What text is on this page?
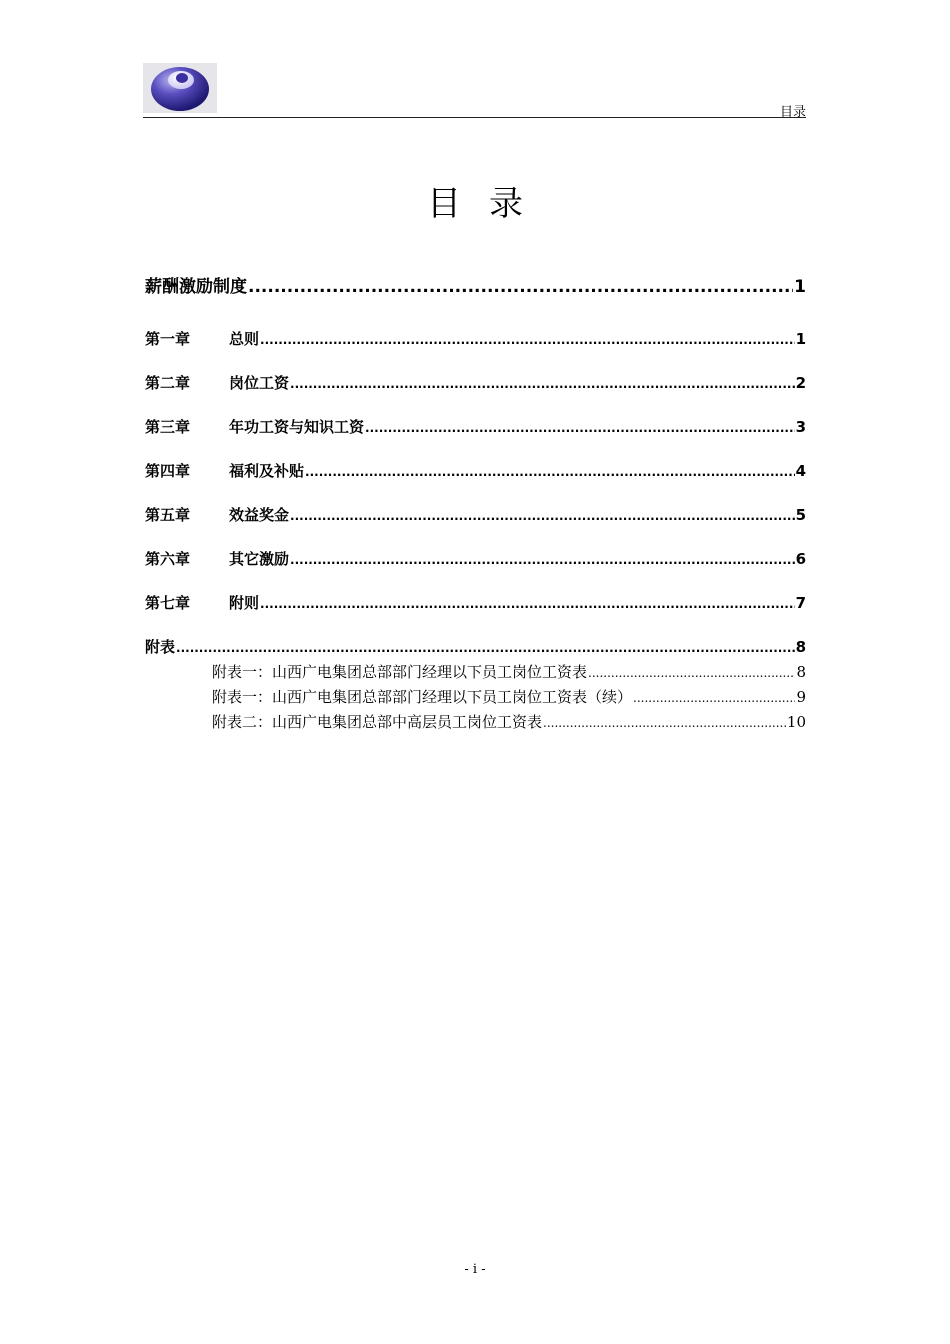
目录
目录
薪酬激励制度 .....	1
第一章	总则 .....	1
第二章	岗位工资 .....	2
第三章	年功工资与知识工资 .....	3
第四章	福利及补贴 .....	4
第五章	效益奖金 .....	5
第六章	其它激励 .....	6
第七章	附则 .....	7
附表 .....	8
附表一：山西广电集团总部部门经理以下员工岗位工资表 .....	8
附表一：山西广电集团总部部门经理以下员工岗位工资表（续） .....	9
附表二：山西广电集团总部中高层员工岗位工资表 .....	10
- i -
